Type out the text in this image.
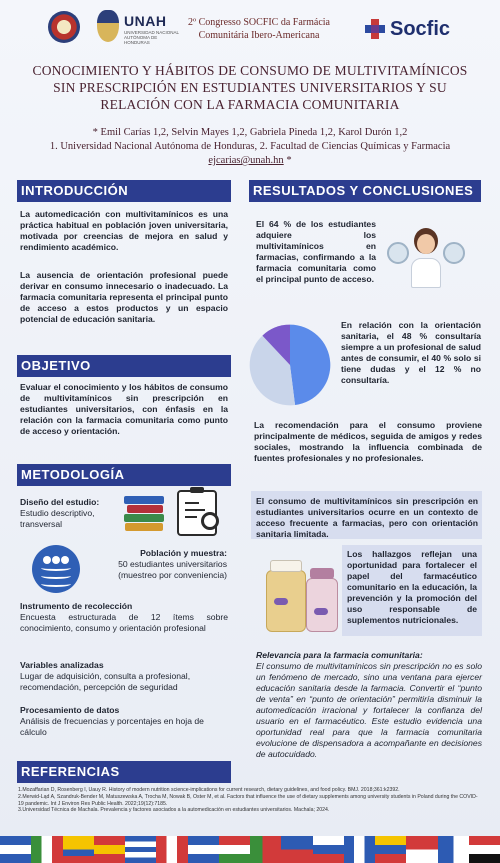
UNAH
UNIVERSIDAD NACIONAL AUTÓNOMA DE HONDURAS
2º Congresso SOCFIC da Farmácia
Comunitária Ibero-Americana	Socfic
CONOCIMIENTO Y HÁBITOS DE CONSUMO DE MULTIVITAMÍNICOS
SIN PRESCRIPCIÓN EN ESTUDIANTES UNIVERSITARIOS Y SU
RELACIÓN CON LA FARMACIA COMUNITARIA
* Emil Carías 1,2, Selvin Mayes 1,2, Gabriela Pineda 1,2, Karol Durón 1,2
1. Universidad Nacional Autónoma de Honduras, 2. Facultad de Ciencias Químicas y Farmacia
ejcarias@unah.hn *
INTRODUCCIÓN
La automedicación con multivitamínicos es una práctica habitual en población joven universitaria, motivada por creencias de mejora en salud y rendimiento académico.
La ausencia de orientación profesional puede derivar en consumo innecesario o inadecuado. La farmacia comunitaria representa el principal punto de acceso a estos productos y un espacio potencial de educación sanitaria.
OBJETIVO
Evaluar el conocimiento y los hábitos de consumo de multivitamínicos sin prescripción en estudiantes universitarios, con énfasis en la relación con la farmacia comunitaria como punto de acceso y orientación.
METODOLOGÍA
Diseño del estudio:
Estudio descriptivo, transversal
Población y muestra:
50 estudiantes universitarios
(muestreo por conveniencia)
Instrumento de recolección
Encuesta estructurada de 12 ítems sobre conocimiento, consumo y orientación profesional
Variables analizadas
Lugar de adquisición, consulta a profesional, recomendación, percepción de seguridad
Procesamiento de datos
Análisis de frecuencias y porcentajes en hoja de cálculo
REFERENCIAS
1.Mozaffarian D, Rosenberg I, Uauy R. History of modern nutrition science-implications for current research, dietary guidelines, and food policy. BMJ. 2018;361:k2392.
2.Merwid-Ląd A, Szandruk-Bender M, Matuszewska A, Trocha M, Nowak B, Oster M, et al. Factors that influence the use of dietary supplements among university students in Poland during the COVID-19 pandemic. Int J Environ Res Public Health. 2022;19(12):7185.
3.Universidad Técnica de Machala. Prevalencia y factores asociados a la automedicación en estudiantes universitarios. Machala; 2024.
RESULTADOS Y CONCLUSIONES
El 64 % de los estudiantes adquiere los multivitamínicos en farmacias, confirmando a la farmacia comunitaria como el principal punto de acceso.
En relación con la orientación sanitaria, el 48 % consultaría siempre a un profesional de salud antes de consumir, el 40 % solo si tiene dudas y el 12 % no consultaría.
La recomendación para el consumo proviene principalmente de médicos, seguida de amigos y redes sociales, mostrando la influencia combinada de fuentes profesionales y no profesionales.
El consumo de multivitamínicos sin prescripción en estudiantes universitarios ocurre en un contexto de acceso frecuente a farmacias, pero con orientación sanitaria limitada.
Los hallazgos reflejan una oportunidad para fortalecer el papel del farmacéutico comunitario en la educación, la prevención y la promoción del uso responsable de suplementos nutricionales.
Relevancia para la farmacia comunitaria:
El consumo de multivitamínicos sin prescripción no es solo un fenómeno de mercado, sino una ventana para ejercer educación sanitaria desde la farmacia. Convertir el “punto de venta” en “punto de orientación” permitiría disminuir la automedicación irracional y fortalecer la confianza del usuario en el farmacéutico. Este estudio evidencia una oportunidad real para que la farmacia comunitaria evolucione de dispensadora a acompañante en decisiones de autocuidado.
